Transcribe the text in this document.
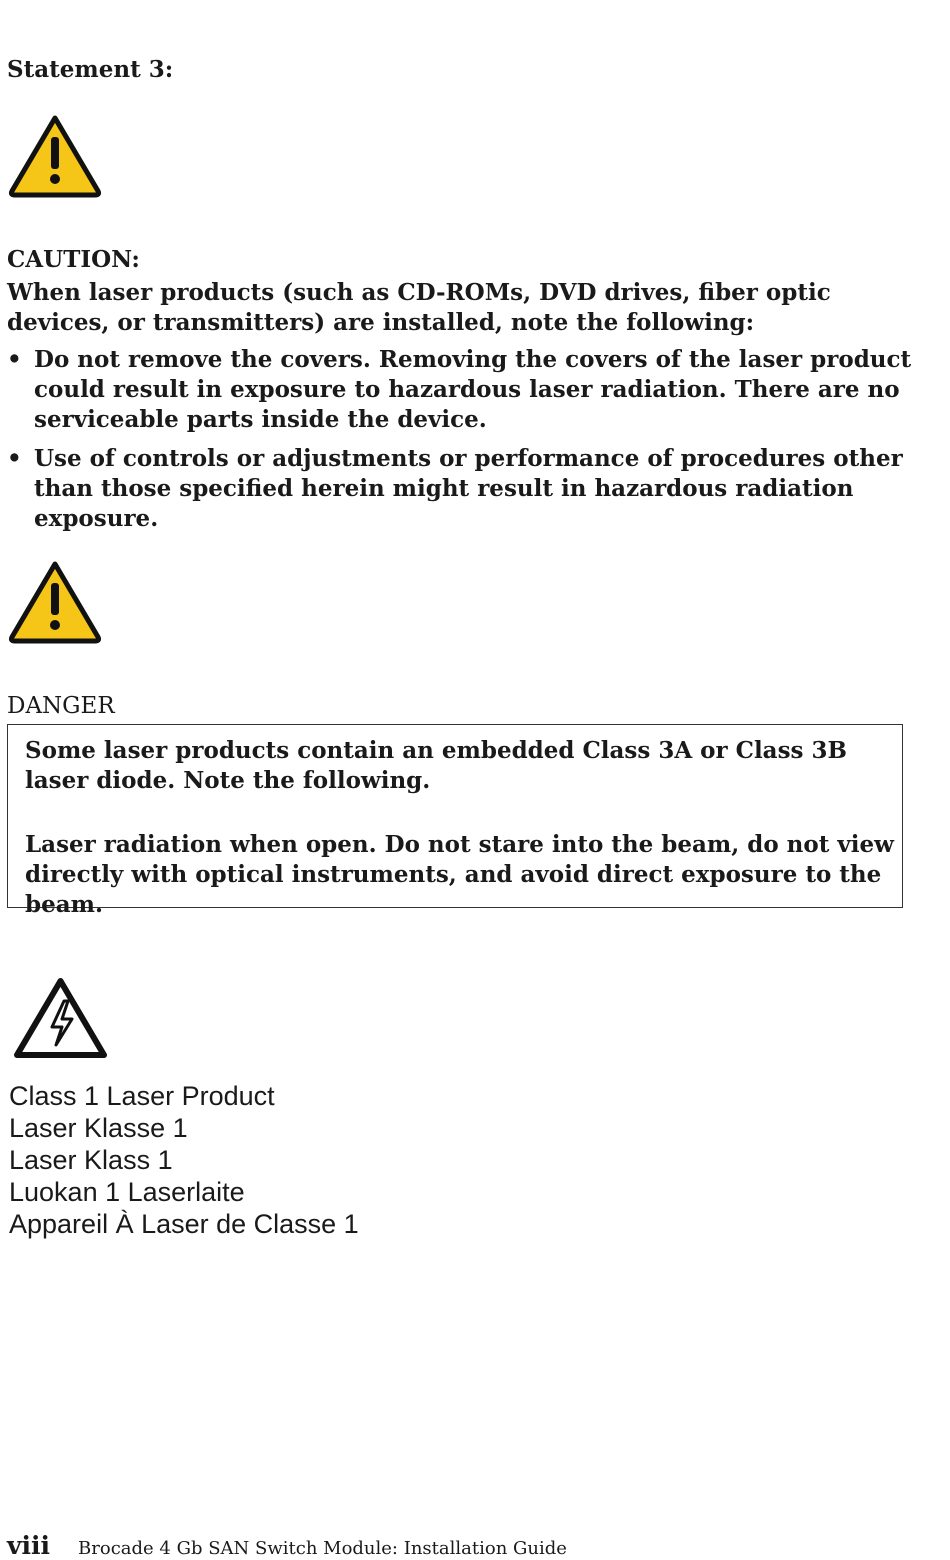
Statement 3:
CAUTION:
When laser products (such as CD-ROMs, DVD drives, fiber optic devices, or transmitters) are installed, note the following:
• Do not remove the covers. Removing the covers of the laser product could result in exposure to hazardous laser radiation. There are no serviceable parts inside the device.
• Use of controls or adjustments or performance of procedures other than those specified herein might result in hazardous radiation exposure.
DANGER
Some laser products contain an embedded Class 3A or Class 3B laser diode. Note the following.
Laser radiation when open. Do not stare into the beam, do not view directly with optical instruments, and avoid direct exposure to the beam.
Class 1 Laser Product
Laser Klasse 1
Laser Klass 1
Luokan 1 Laserlaite
Appareil À Laser de Classe 1
viii Brocade 4 Gb SAN Switch Module: Installation Guide
